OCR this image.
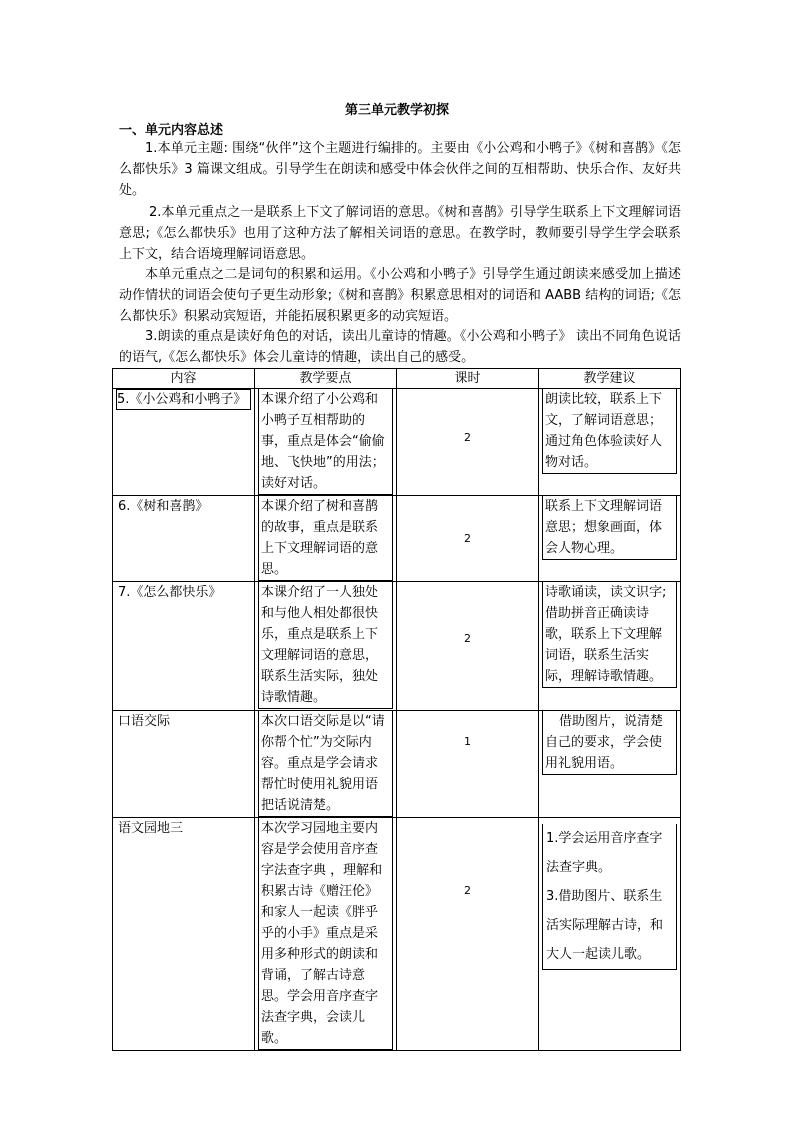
第三单元教学初探
一、单元内容总述

1.本单元主题: 围绕“伙伴”这个主题进行编排的。主要由《小公鸡和小鸭子》《树和喜鹊》《怎么都快乐》3 篇课文组成。引导学生在朗读和感受中体会伙伴之间的互相帮助、快乐合作、友好共处。

2.本单元重点之一是联系上下文了解词语的意思。《树和喜鹊》引导学生联系上下文理解词语意思;《怎么都快乐》也用了这种方法了解相关词语的意思。在教学时，教师要引导学生学会联系上下文，结合语境理解词语意思。

本单元重点之二是词句的积累和运用。《小公鸡和小鸭子》引导学生通过朗读来感受加上描述动作情状的词语会使句子更生动形象;《树和喜鹊》积累意思相对的词语和 AABB 结构的词语;《怎么都快乐》积累动宾短语，并能拓展积累更多的动宾短语。

3.朗读的重点是读好角色的对话，读出儿童诗的情趣。《小公鸡和小鸭子》 读出不同角色说话的语气,《怎么都快乐》体会儿童诗的情趣，读出自己的感受。

内容	教学要点	课时	教学建议

5.《小公鸡和小鸭子》	本课介绍了小公鸡和小鸭子互相帮助的事，重点是体会“偷偷地、飞快地”的用法；读好对话。	2	朗读比较，联系上下文，了解词语意思；通过角色体验读好人物对话。

6.《树和喜鹊》	本课介绍了树和喜鹊的故事，重点是联系上下文理解词语的意思。	2	联系上下文理解词语意思；想象画面，体会人物心理。

7.《怎么都快乐》	本课介绍了一人独处和与他人相处都很快乐，重点是联系上下文理解词语的意思，联系生活实际，独处诗歌情趣。	2	诗歌诵读，读文识字;借助拼音正确读诗歌，联系上下文理解词语，联系生活实际，理解诗歌情趣。

口语交际	本次口语交际是以“请你帮个忙”为交际内容。重点是学会请求帮忙时使用礼貌用语把话说清楚。	1	借助图片，说清楚自己的要求，学会使用礼貌用语。

语文园地三	本次学习园地主要内容是学会使用音序查字法查字典 ，理解和积累古诗《赠汪伦》和家人一起读《胖乎乎的小手》重点是采用多种形式的朗读和背诵，了解古诗意思。学会用音序查字法查字典，会读儿歌。	2	1.学会运用音序查字法查字典。
3.借助图片、联系生活实际理解古诗，和大人一起读儿歌。
